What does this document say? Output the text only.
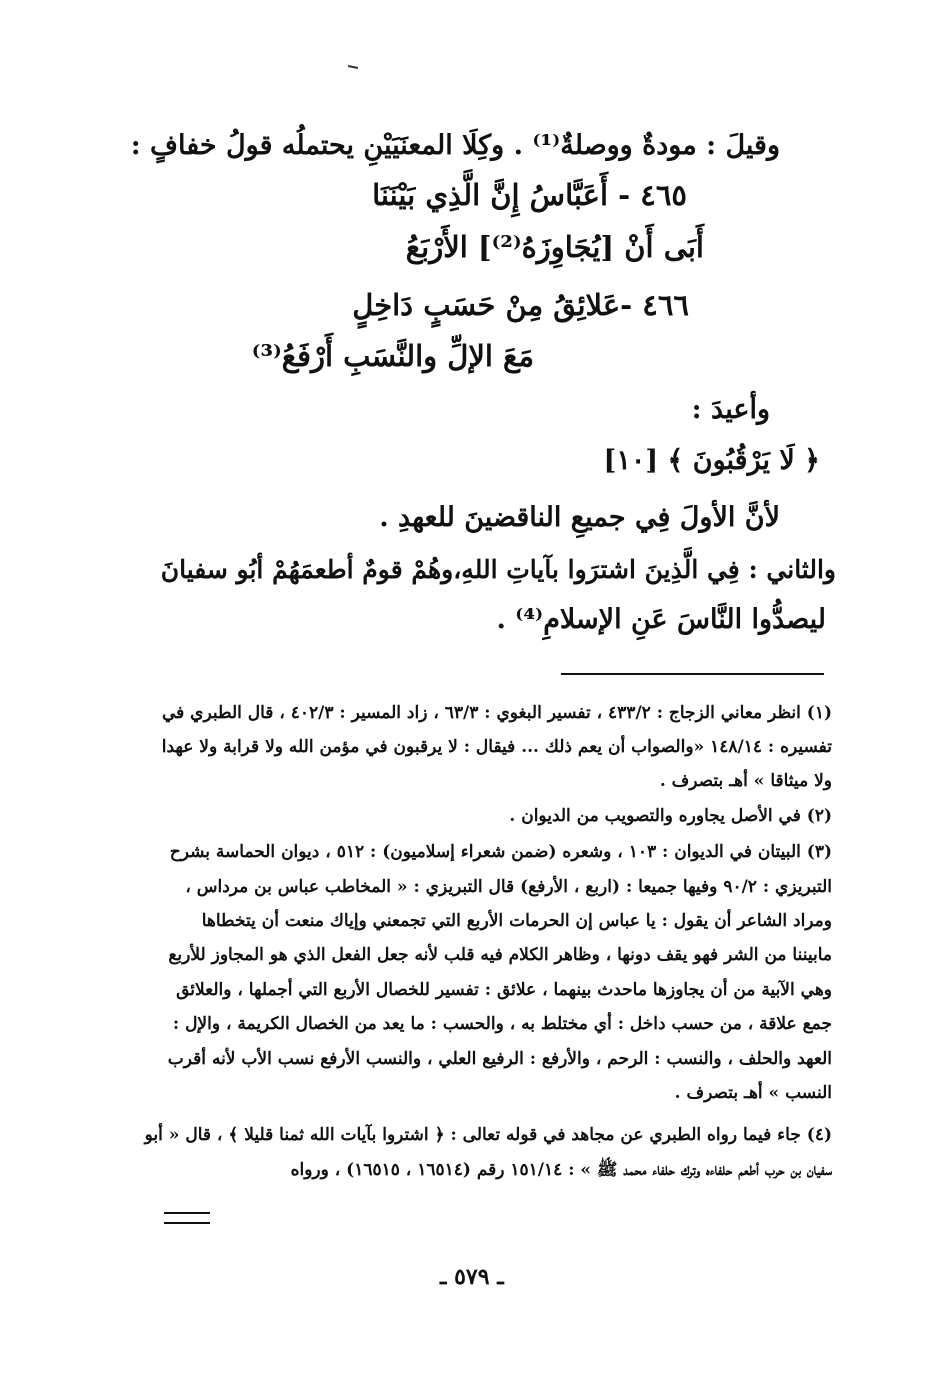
وقيلَ : مودةٌ ووصلةٌ⁽¹⁾ . وكِلَا المعنَيَيْنِ يحتملُه قولُ خفافٍ :
٤٦٥ - أَعَبَّاسُ إِنَّ الَّذِي بَيْنَنَا
أَبَى أَنْ [يُجَاوِزَهُ⁽²⁾] الأَرْبَعُ
٤٦٦ -عَلائِقُ مِنْ حَسَبٍ دَاخِلٍ
مَعَ الإلِّ والنَّسَبِ أَرْفَعُ⁽³⁾
وأعيدَ :
﴿ لَا يَرْقُبُونَ ﴾ [١٠]
لأنَّ الأولَ فِي جميعِ الناقضينَ للعهدِ .
والثاني : فِي الَّذِينَ اشترَوا بآياتِ اللهِ،وهُمْ قومٌ أطعمَهُمْ أبُو سفيانَ
ليصدُّوا النَّاسَ عَنِ الإسلامِ⁽⁴⁾ .
(١) انظر معاني الزجاج : ٤٣٣/٢ ، تفسير البغوي : ٦٣/٣ ، زاد المسير : ٤٠٢/٣ ، قال الطبري في
تفسيره : ١٤٨/١٤ «والصواب أن يعم ذلك ... فيقال : لا يرقبون في مؤمن الله ولا قرابة ولا عهدا
ولا ميثاقا » أهـ بتصرف .
(٢) في الأصل يجاوره والتصويب من الديوان .
(٣) البيتان في الديوان : ١٠٣ ، وشعره (ضمن شعراء إسلاميون) : ٥١٢ ، ديوان الحماسة بشرح
التبريزي : ٩٠/٢ وفيها جميعا : (اربع ، الأرفع) قال التبريزي : « المخاطب عباس بن مرداس ،
ومراد الشاعر أن يقول : يا عباس إن الحرمات الأربع التي تجمعني وإياك منعت أن يتخطاها
مابيننا من الشر فهو يقف دونها ، وظاهر الكلام فيه قلب لأنه جعل الفعل الذي هو المجاوز للأربع
وهي الآبية من أن يجاوزها ماحدث بينهما ، علائق : تفسير للخصال الأربع التي أجملها ، والعلائق
جمع علاقة ، من حسب داخل : أي مختلط به ، والحسب : ما يعد من الخصال الكريمة ، والإل :
العهد والحلف ، والنسب : الرحم ، والأرفع : الرفيع العلي ، والنسب الأرفع نسب الأب لأنه أقرب
النسب » أهـ بتصرف .
(٤) جاء فيما رواه الطبري عن مجاهد في قوله تعالى : ﴿ اشتروا بآيات الله ثمنا قليلا ﴾ ، قال « أبو
سفيان بن حرب أطعم حلفاءه وترك حلفاء محمد ﷺ » : ١٥١/١٤ رقم (١٦٥١٤ ، ١٦٥١٥) ، ورواه
ـ ٥٧٩ ـ
